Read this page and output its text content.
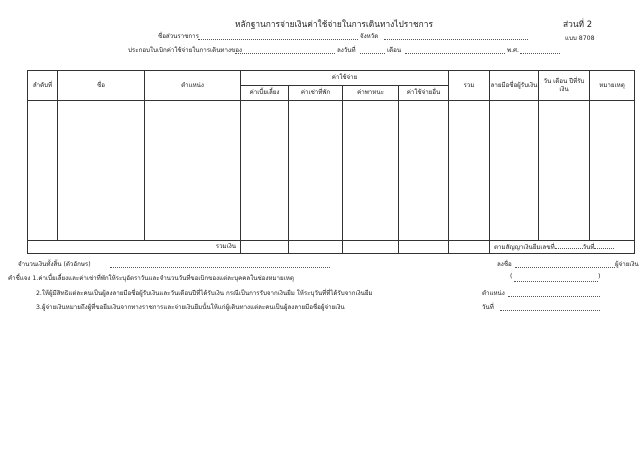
หลักฐานการจ่ายเงินค่าใช้จ่ายในการเดินทางไปราชการ	ส่วนที่ 2
แบบ 8708
ชื่อส่วนราชการ	จังหวัด
ประกอบใบเบิกค่าใช้จ่ายในการเดินทางของ	ลงวันที่	เดือน	พ.ศ.
ลำดับที่	ชื่อ	ตำแหน่ง	ค่าใช้จ่าย				รวม	ลายมือชื่อผู้รับเงิน	วัน เดือน ปีที่รับเงิน	หมายเหตุ
			ค่าเบี้ยเลี้ยง	ค่าเช่าที่พัก	ค่าพาหนะ	ค่าใช้จ่ายอื่น				

รวมเงิน								ตามสัญญาเงินยืมเลขที่ วันที่		
จำนวนเงินทั้งสิ้น (ตัวอักษร)	ลงชื่อ	ผู้จ่ายเงิน
(	)
คำชี้แจง 1.ค่าเบี้ยเลี้ยงและค่าเช่าที่พักให้ระบุอัตราวันและจำนวนวันที่ขอเบิกของแต่ละบุคคลในช่องหมายเหตุ
2.ให้ผู้มีสิทธิแต่ละคนเป็นผู้ลงลายมือชื่อผู้รับเงินและวันเดือนปีที่ได้รับเงิน กรณีเป็นการรับจากเงินยืม ให้ระบุวันที่ที่ได้รับจากเงินยืม
3.ผู้จ่ายเงินหมายถึงผู้ที่ขอยืมเงินจากทางราชการและจ่ายเงินยืมนั้นให้แก่ผู้เดินทางแต่ละคนเป็นผู้ลงลายมือชื่อผู้จ่ายเงิน
ตำแหน่ง
วันที่
